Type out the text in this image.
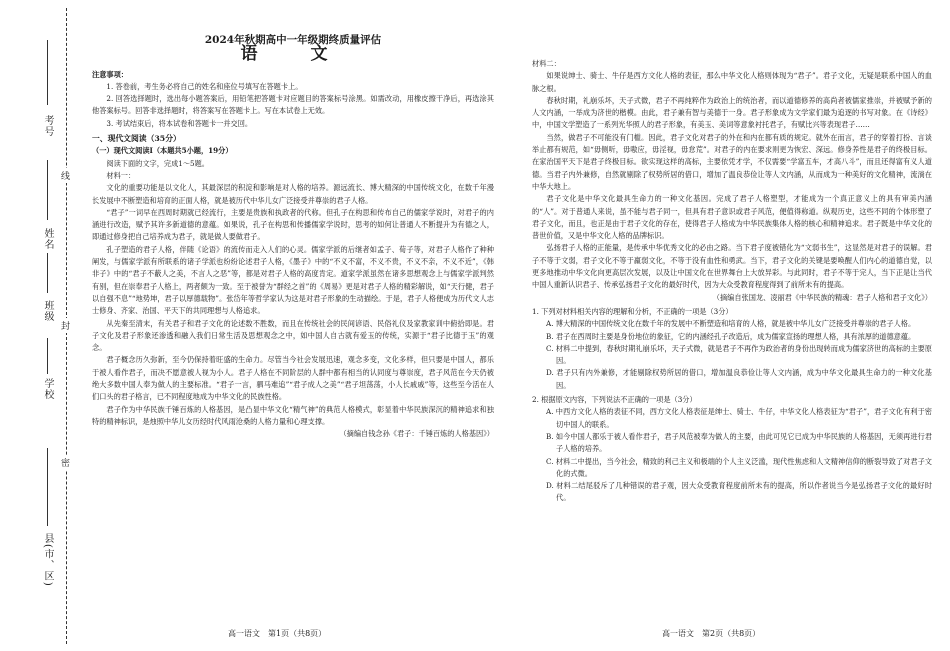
密
封
线
考号
姓名
班级
学校
县(市、区)
2024年秋期高中一年级期终质量评估
语　文
注意事项：

1. 答卷前，考生务必将自己的姓名和座位号填写在答题卡上。

2. 回答选择题时，选出每小题答案后，用铅笔把答题卡对应题目的答案标号涂黑。如需改动，用橡皮擦干净后，再选涂其他答案标号。回答非选择题时，将答案写在答题卡上。写在本试卷上无效。

3. 考试结束后，将本试卷和答题卡一并交回。

一、现代文阅读（35分）
（一）现代文阅读Ⅰ（本题共5小题，19分）

阅读下面的文字，完成1～5题。

材料一：

文化的重要功能是以文化人，其最深层的积淀和影响是对人格的培养。源远流长、博大精深的中国传统文化，在数千年漫长发展中不断塑造和培育的正面人格，就是被历代中华儿女广泛接受并尊崇的君子人格。

“君子”一词早在西周时期就已经流行，主要是贵族和执政者的代称。但孔子在构思和传布自己的儒家学说时，对君子的内涵进行改造，赋予其许多新道德的意蕴。如果说，孔子在构思和传播儒家学说时，思考的如何让普通人不断提升为有德之人，即通过修身把自己培养成为君子，就是做人要做君子。

孔子塑造的君子人格，伴随《论语》的流传而走入人们的心灵。儒家学派的后继者如孟子、荀子等，对君子人格作了种种阐发，与儒家学派有所联系的诸子学派也纷纷论述君子人格，《墨子》中的“不义不富，不义不贵，不义不亲，不义不近”，《韩非子》中的“君子不蔽人之美，不言人之恶”等，都是对君子人格的高度肯定。道家学派虽然在诸多思想观念上与儒家学派判然有别，但在崇奉君子人格上，两者颇为一致。至于被誉为“群经之首”的《周易》更是对君子人格的精彩解说，如“天行健，君子以自强不息”“地势坤，君子以厚德载物”。张岱年等哲学家认为这是对君子形象的生动描绘。于是，君子人格便成为历代文人志士修身、齐家、治国、平天下的共同理想与人格追求。

从先秦至清末，有关君子和君子文化的论述数不胜数，而且在传统社会的民间谚语、民俗礼仪及家教家训中俯拾即是。君子文化及君子形象还渗透和融入我们日常生活及思想观念之中，如中国人自古就有爱玉的传统，实源于“君子比德于玉”的观念。

君子概念历久弥新，至今仍保持着旺盛的生命力。尽管当今社会发展迅速，观念多变，文化多样，但只要是中国人，都乐于被人看作君子，而决不愿意被人视为小人。君子人格在不同阶层的人群中都有相当的认同度与尊崇度，君子风范在今天仍被绝大多数中国人奉为做人的主要标准。“君子一言，驷马难追”“君子成人之美”“君子坦荡荡，小人长戚戚”等，这些至今活在人们口头的君子格言，已不同程度地成为中华文化的民族性格。

君子作为中华民族千锤百炼的人格基因，是凸显中华文化“精气神”的典范人格模式，彰显着中华民族深沉的精神追求和独特的精神标识，是烛照中华儿女历经时代风雨沧桑的人格力量和心理支撑。

（摘编自钱念孙《君子：千锤百炼的人格基因》）

材料二：

如果说绅士、骑士、牛仔是西方文化人格的表征，那么中华文化人格则体现为“君子”。君子文化，无疑是联系中国人的血脉之根。

春秋时期，礼崩乐坏，天子式微，君子不再纯粹作为政治上的统治者，而以道德修养的高尚者被儒家推崇，并被赋予新的人文内涵，一举成为济世的楷模。由此，君子兼有智与美德于一身。君子形象成为文学家们最为追逐的书写对象。在《诗经》中，中国文学塑造了一系列光华照人的君子形象，有美玉、美词等意象衬托君子，有赋比兴等表现君子……

当然，做君子不可能没有门槛。因此，君子文化对君子的外在和内在都有质的规定。就外在而言，君子的穿着打扮、言谈举止都有规范，如“毋侧听，毋嗷应，毋淫视，毋怠荒”。对君子的内在要求则更为恢宏、深远。修身养性是君子的终极目标。在家治国平天下是君子终极目标。欲实现这样的高标，主要依凭才学，不仅需要“学富五车，才高八斗”，而且还得富有义人道德。当君子内外兼修，自然就剔除了权势所居的借口，增加了温良恭俭让等人文内涵，从而成为一种美好的文化精神，流淌在中华大地上。

君子文化是中华文化最具生命力的一种文化基因。完成了君子人格塑型，才能成为一个真正意义上的具有审美内涵的“人”。对于普通人来说，虽不能与君子同一，但具有君子意识或君子风范，便值得称道。纵观历史，这些不同的个体形塑了君子文化，而且，也正是由于君子文化的存在，使得君子人格成为中华民族集体人格的核心和精神追求。君子既是中华文化的普世价值，又是中华文化人格的品牌标识。

弘扬君子人格的正能量，是传承中华优秀文化的必由之路。当下君子度被错化为“文弱书生”，这显然是对君子的误解。君子不等于文弱，君子文化不等于羸弱文化，不等于没有血性和勇武。当下，君子文化的关键是要唤醒人们内心的道德自觉，以更多地推动中华文化向更高层次发展，以及让中国文化在世界舞台上大放异彩。与此同时，君子不等于完人，当下正是让当代中国人重新认识君子、传承弘扬君子文化的最好时代，因为大众受教育程度得到了前所未有的提高。

（摘编自张国龙、凌丽君《中华民族的精魂：君子人格和君子文化》）

1. 下列对材料相关内容的理解和分析，不正确的一项是（3分）

A. 博大精深的中国传统文化在数千年的发展中不断塑造和培育的人格，就是被中华儿女广泛接受并尊崇的君子人格。

B. 君子在西周时主要是身份地位的象征，它的内涵经孔子改造后，成为儒家宣扬的理想人格，具有浓厚的道德意蕴。

C. 材料二中提到，春秋时期礼崩乐坏，天子式微，就是君子不再作为政治者的身份出现转而成为儒家济世的高标的主要原因。

D. 君子只有内外兼修，才能剔除权势所居的借口，增加温良恭俭让等人文内涵，成为中华文化最具生命力的一种文化基因。

2. 根据原文内容，下列说法不正确的一项是（3分）

A. 中西方文化人格的表征不同，西方文化人格表征是绅士、骑士、牛仔，中华文化人格表征为“君子”，君子文化有利于密切中国人的联系。

B. 如今中国人都乐于被人看作君子，君子风范被奉为做人的主要，由此可见它已成为中华民族的人格基因，无须再进行君子人格的培养。

C. 材料二中提出，当今社会，精致的利己主义和极端的个人主义泛滥，现代性焦虑和人文精神信仰的断裂导致了对君子文化的式微。

D. 材料二结尾驳斥了几种错误的君子观，因大众受教育程度前所未有的提高，所以作者说当今是弘扬君子文化的最好时代。

高一语文　第1页（共8页）	高一语文　第2页（共8页）
